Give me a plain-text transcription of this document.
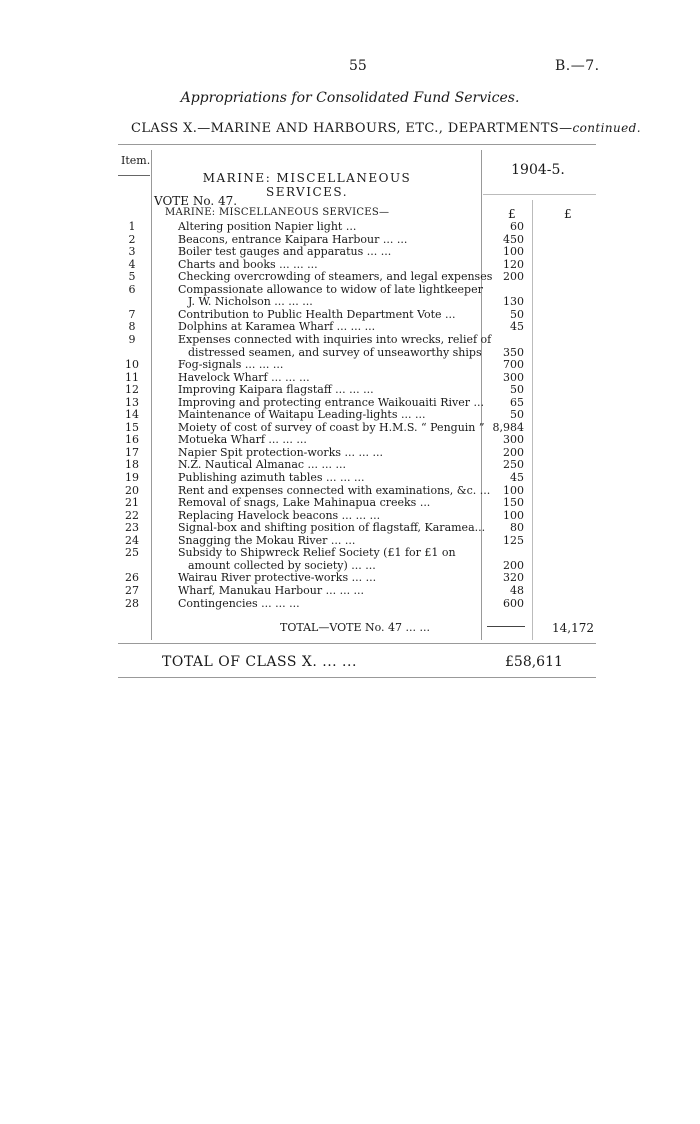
55	B.—7.
Appropriations for Consolidated Fund Services.
CLASS X.—MARINE AND HARBOURS, ETC., DEPARTMENTS—continued.
Item.
MARINE: MISCELLANEOUS SERVICES.
1904-5.
VOTE No. 47.
MARINE: MISCELLANEOUS SERVICES—	£	£
1	Altering position Napier light ...	60
2	Beacons, entrance Kaipara Harbour ... ...	450
3	Boiler test gauges and apparatus ... ...	100
4	Charts and books ... ... ...	120
5	Checking overcrowding of steamers, and legal expenses 200
6	Compassionate allowance to widow of late lightkeeper
J. W. Nicholson ... ... ...	130
7	Contribution to Public Health Department Vote ...	50
8	Dolphins at Karamea Wharf ... ... ...	45
9	Expenses connected with inquiries into wrecks, relief of
distressed seamen, and survey of unseaworthy ships	350
10	Fog-signals ... ... ...	700
11	Havelock Wharf ... ... ...	300
12	Improving Kaipara flagstaff ... ... ...	50
13	Improving and protecting entrance Waikouaiti River ...	65
14	Maintenance of Waitapu Leading-lights ... ...	50
15	Moiety of cost of survey of coast by H.M.S. “ Penguin ” 8,984
16	Motueka Wharf ... ... ...	300
17	Napier Spit protection-works ... ... ...	200
18	N.Z. Nautical Almanac ... ... ...	250
19	Publishing azimuth tables ... ... ...	45
20	Rent and expenses connected with examinations, &c. ...	100
21	Removal of snags, Lake Mahinapua creeks ...	150
22	Replacing Havelock beacons ... ... ...	100
23	Signal-box and shifting position of flagstaff, Karamea...	80
24	Snagging the Mokau River ... ...	125
25	Subsidy to Shipwreck Relief Society (£1 for £1 on
amount collected by society) ... ...	200
26	Wairau River protective-works ... ...	320
27	Wharf, Manukau Harbour ... ... ...	48
28	Contingencies ... ... ...	600
TOTAL—VOTE No. 47 ... ...	14,172
TOTAL OF CLASS X. ... ...	£58,611
